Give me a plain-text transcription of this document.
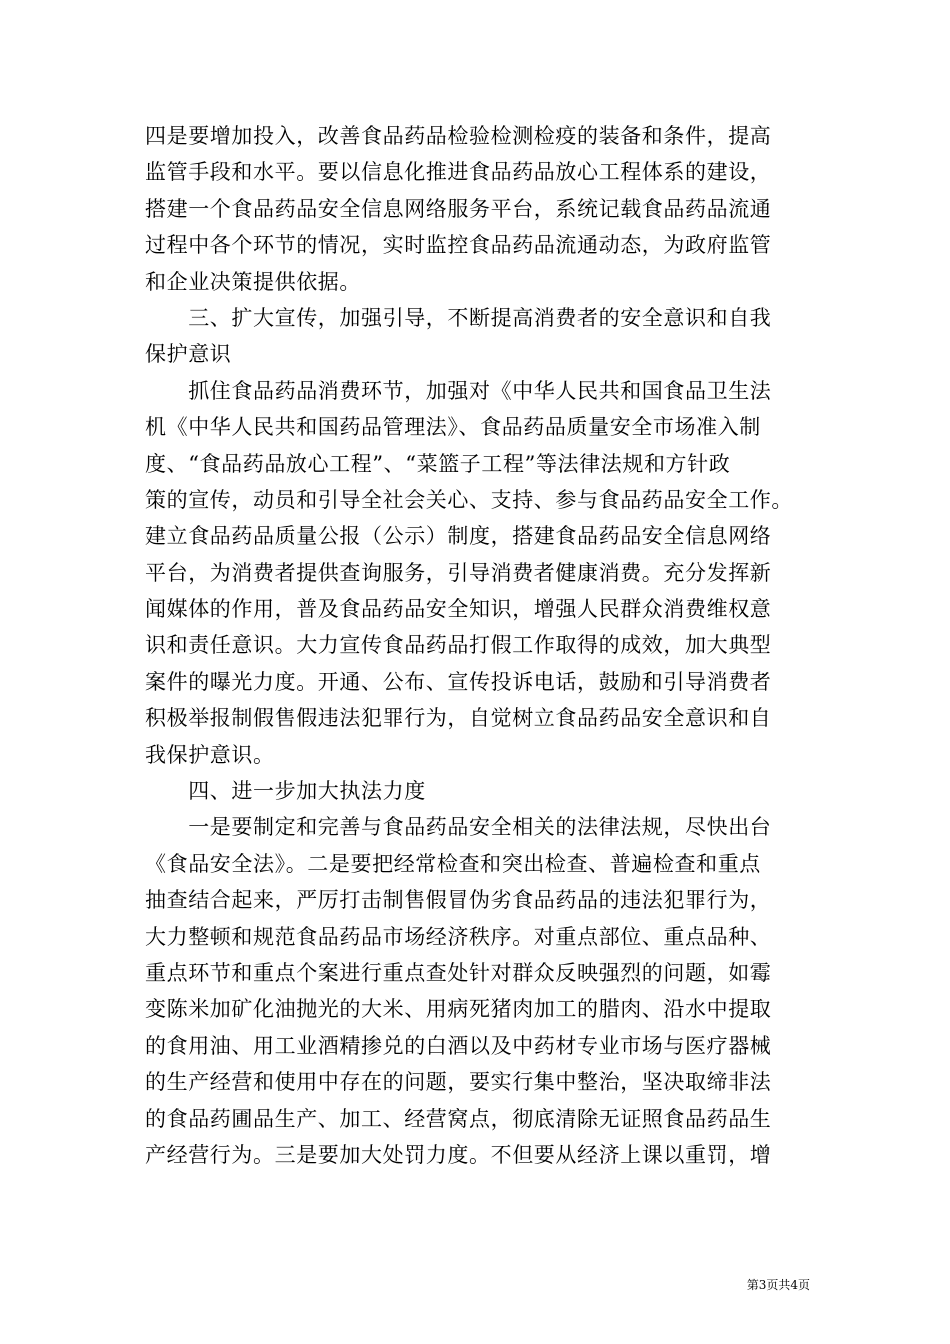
四是要增加投入，改善食品药品检验检测检疫的装备和条件，提高
监管手段和水平。要以信息化推进食品药品放心工程体系的建设，
搭建一个食品药品安全信息网络服务平台，系统记载食品药品流通
过程中各个环节的情况，实时监控食品药品流通动态，为政府监管
和企业决策提供依据。
　　三、扩大宣传，加强引导，不断提高消费者的安全意识和自我
保护意识
　　抓住食品药品消费环节，加强对《中华人民共和国食品卫生法
机《中华人民共和国药品管理法》、食品药品质量安全市场准入制
度、“食品药品放心工程”、“菜篮子工程”等法律法规和方针政
策的宣传，动员和引导全社会关心、支持、参与食品药品安全工作。
建立食品药品质量公报（公示）制度，搭建食品药品安全信息网络
平台，为消费者提供查询服务，引导消费者健康消费。充分发挥新
闻媒体的作用，普及食品药品安全知识，增强人民群众消费维权意
识和责任意识。大力宣传食品药品打假工作取得的成效，加大典型
案件的曝光力度。开通、公布、宣传投诉电话，鼓励和引导消费者
积极举报制假售假违法犯罪行为，自觉树立食品药品安全意识和自
我保护意识。
　　四、进一步加大执法力度
　　一是要制定和完善与食品药品安全相关的法律法规，尽快出台
《食品安全法》。二是要把经常检查和突出检查、普遍检查和重点
抽查结合起来，严厉打击制售假冒伪劣食品药品的违法犯罪行为，
大力整顿和规范食品药品市场经济秩序。对重点部位、重点品种、
重点环节和重点个案进行重点查处针对群众反映强烈的问题，如霉
变陈米加矿化油抛光的大米、用病死猪肉加工的腊肉、沿水中提取
的食用油、用工业酒精掺兑的白酒以及中药材专业市场与医疗器械
的生产经营和使用中存在的问题，要实行集中整治，坚决取缔非法
的食品药圃品生产、加工、经营窝点，彻底清除无证照食品药品生
产经营行为。三是要加大处罚力度。不但要从经济上课以重罚，增
第3页共4页
